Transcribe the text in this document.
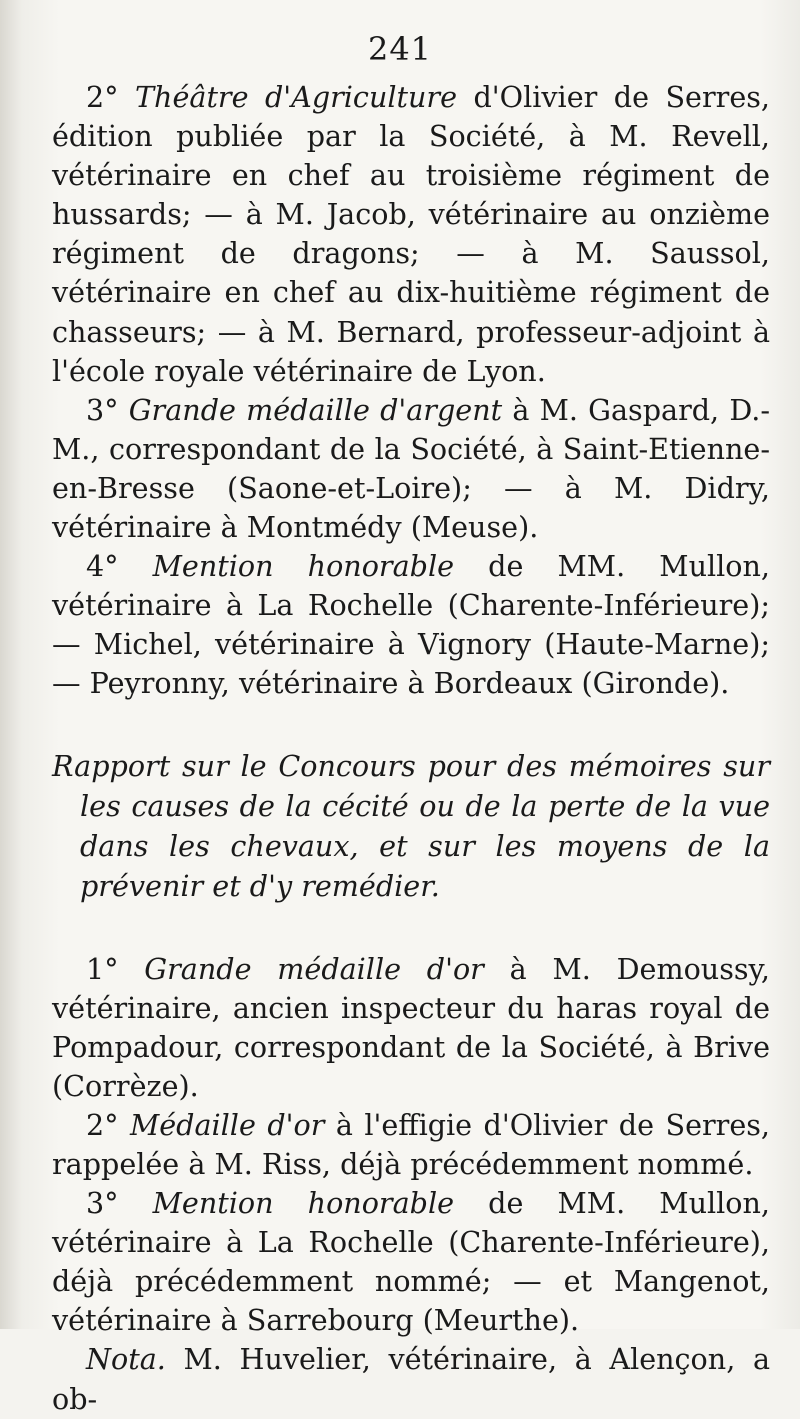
241

2° Théâtre d'Agriculture d'Olivier de Serres, édition publiée par la Société, à M. Revell, vétérinaire en chef au troisième régiment de hussards; — à M. Jacob, vétérinaire au onzième régiment de dragons; — à M. Saussol, vétérinaire en chef au dix-huitième régiment de chasseurs; — à M. Bernard, professeur-adjoint à l'école royale vétérinaire de Lyon.

3° Grande médaille d'argent à M. Gaspard, D.-M., correspondant de la Société, à Saint-Etienne-en-Bresse (Saone-et-Loire); — à M. Didry, vétérinaire à Montmédy (Meuse).

4° Mention honorable de MM. Mullon, vétérinaire à La Rochelle (Charente-Inférieure); — Michel, vétérinaire à Vignory (Haute-Marne); — Peyronny, vétérinaire à Bordeaux (Gironde).

Rapport sur le Concours pour des mémoires sur les causes de la cécité ou de la perte de la vue dans les chevaux, et sur les moyens de la prévenir et d'y remédier.

1° Grande médaille d'or à M. Demoussy, vétérinaire, ancien inspecteur du haras royal de Pompadour, correspondant de la Société, à Brive (Corrèze).

2° Médaille d'or à l'effigie d'Olivier de Serres, rappelée à M. Riss, déjà précédemment nommé.

3° Mention honorable de MM. Mullon, vétérinaire à La Rochelle (Charente-Inférieure), déjà précédemment nommé; — et Mangenot, vétérinaire à Sarrebourg (Meurthe).

Nota. M. Huvelier, vétérinaire, à Alençon, a ob-
